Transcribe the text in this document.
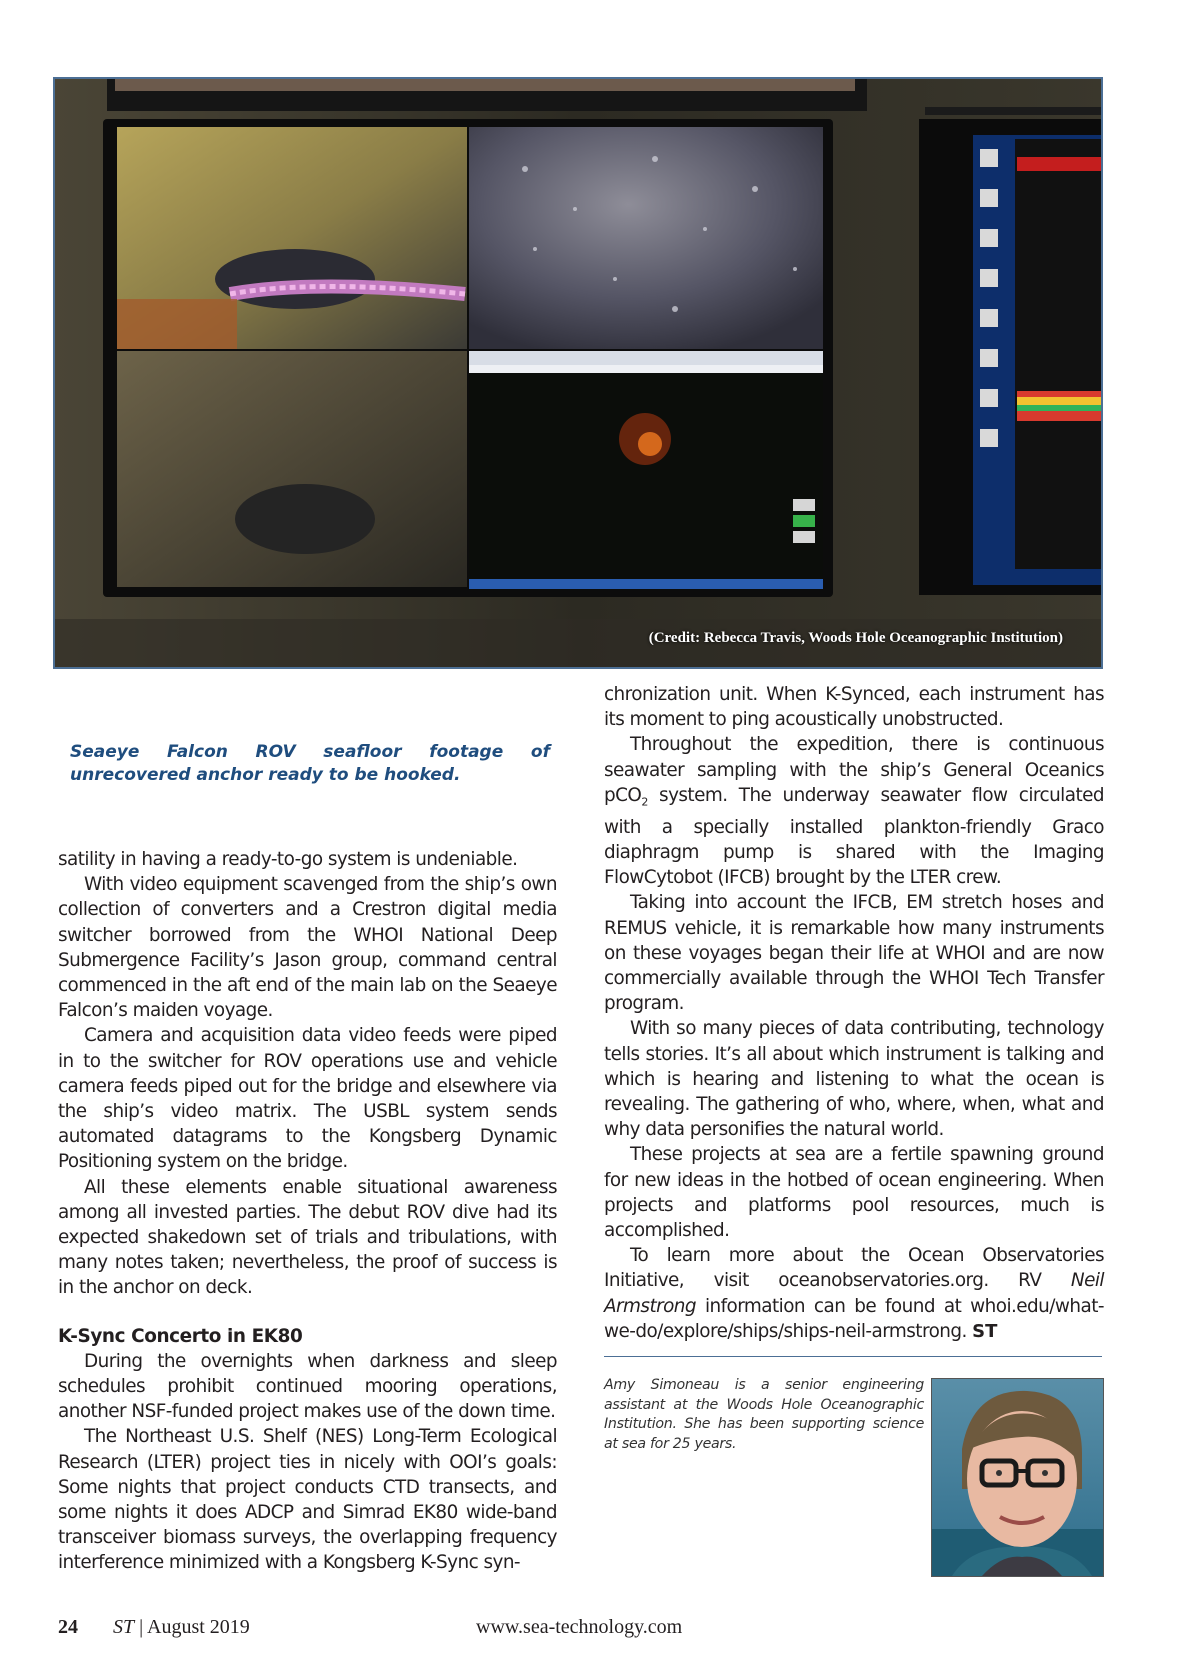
(Credit: Rebecca Travis, Woods Hole Oceanographic Institution)
Seaeye Falcon ROV seafloor footage of unrecovered anchor ready to be hooked.

satility in having a ready-to-go system is undeniable.

With video equipment scavenged from the ship’s own collection of converters and a Crestron digital media switcher borrowed from the WHOI National Deep Submergence Facility’s Jason group, command central commenced in the aft end of the main lab on the Seaeye Falcon’s maiden voyage.

Camera and acquisition data video feeds were piped in to the switcher for ROV operations use and vehicle camera feeds piped out for the bridge and elsewhere via the ship’s video matrix. The USBL system sends automated datagrams to the Kongsberg Dynamic Positioning system on the bridge.

All these elements enable situational awareness among all invested parties. The debut ROV dive had its expected shakedown set of trials and tribulations, with many notes taken; nevertheless, the proof of success is in the anchor on deck.

K-Sync Concerto in EK80

During the overnights when darkness and sleep schedules prohibit continued mooring operations, another NSF-funded project makes use of the down time.

The Northeast U.S. Shelf (NES) Long-Term Ecological Research (LTER) project ties in nicely with OOI’s goals: Some nights that project conducts CTD transects, and some nights it does ADCP and Simrad EK80 wide-band transceiver biomass surveys, the overlapping frequency interference minimized with a Kongsberg K-Sync syn-

chronization unit. When K-Synced, each instrument has its moment to ping acoustically unobstructed.

Throughout the expedition, there is continuous seawater sampling with the ship’s General Oceanics pCO$_2$ system. The underway seawater flow circulated with a specially installed plankton-friendly Graco diaphragm pump is shared with the Imaging FlowCytobot (IFCB) brought by the LTER crew.

Taking into account the IFCB, EM stretch hoses and REMUS vehicle, it is remarkable how many instruments on these voyages began their life at WHOI and are now commercially available through the WHOI Tech Transfer program.

With so many pieces of data contributing, technology tells stories. It’s all about which instrument is talking and which is hearing and listening to what the ocean is revealing. The gathering of who, where, when, what and why data personifies the natural world.

These projects at sea are a fertile spawning ground for new ideas in the hotbed of ocean engineering. When projects and platforms pool resources, much is accomplished.

To learn more about the Ocean Observatories Initiative, visit oceanobservatories.org. RV Neil Armstrong information can be found at whoi.edu/what-we-do/explore/ships/ships-neil-armstrong. ST

Amy Simoneau is a senior engineering assistant at the Woods Hole Oceanographic Institution. She has been supporting science at sea for 25 years.
24 ST | August 2019	www.sea-technology.com
